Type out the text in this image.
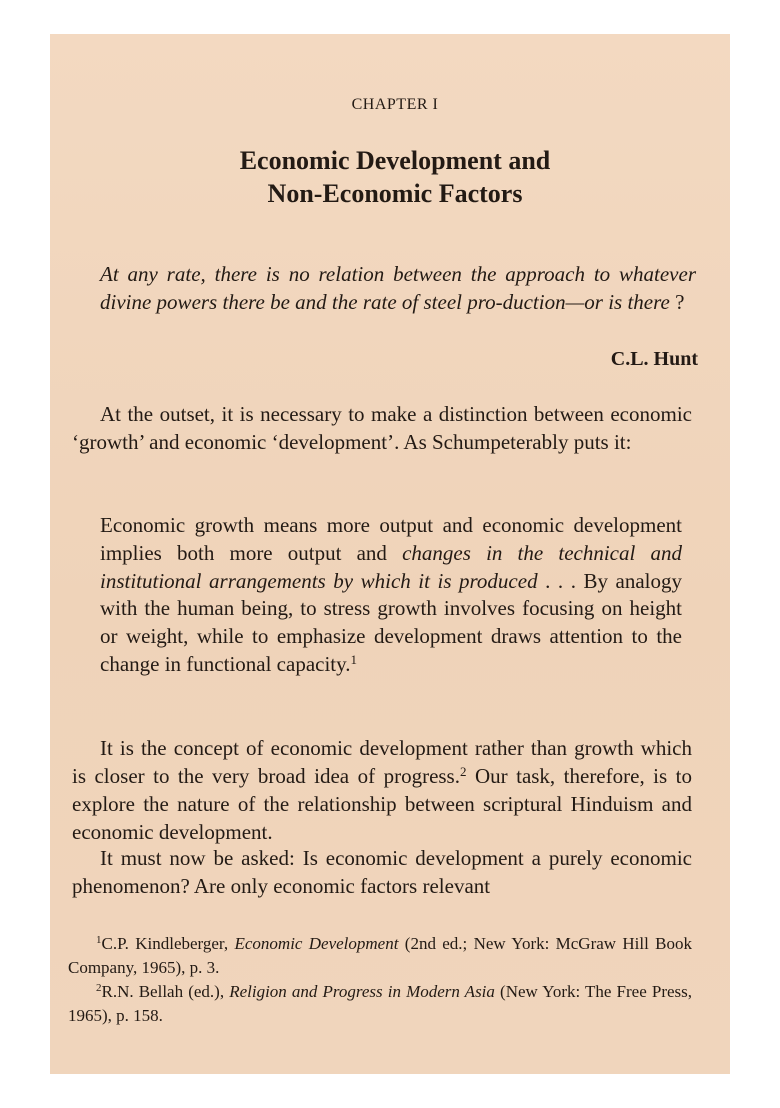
CHAPTER I
Economic Development and
Non-Economic Factors
At any rate, there is no relation between the approach to whatever divine powers there be and the rate of steel pro-duction—or is there ?
C.L. Hunt
At the outset, it is necessary to make a distinction between economic ‘growth’ and economic ‘development’. As Schumpeterably puts it:
Economic growth means more output and economic development implies both more output and changes in the technical and institutional arrangements by which it is produced . . . By analogy with the human being, to stress growth involves focusing on height or weight, while to emphasize development draws attention to the change in functional capacity.$^1$
It is the concept of economic development rather than growth which is closer to the very broad idea of progress.$^2$ Our task, therefore, is to explore the nature of the relationship between scriptural Hinduism and economic development.
It must now be asked: Is economic development a purely economic phenomenon? Are only economic factors relevant
$^1$C.P. Kindleberger, Economic Development (2nd ed.; New York: McGraw Hill Book Company, 1965), p. 3.
$^2$R.N. Bellah (ed.), Religion and Progress in Modern Asia (New York: The Free Press, 1965), p. 158.
